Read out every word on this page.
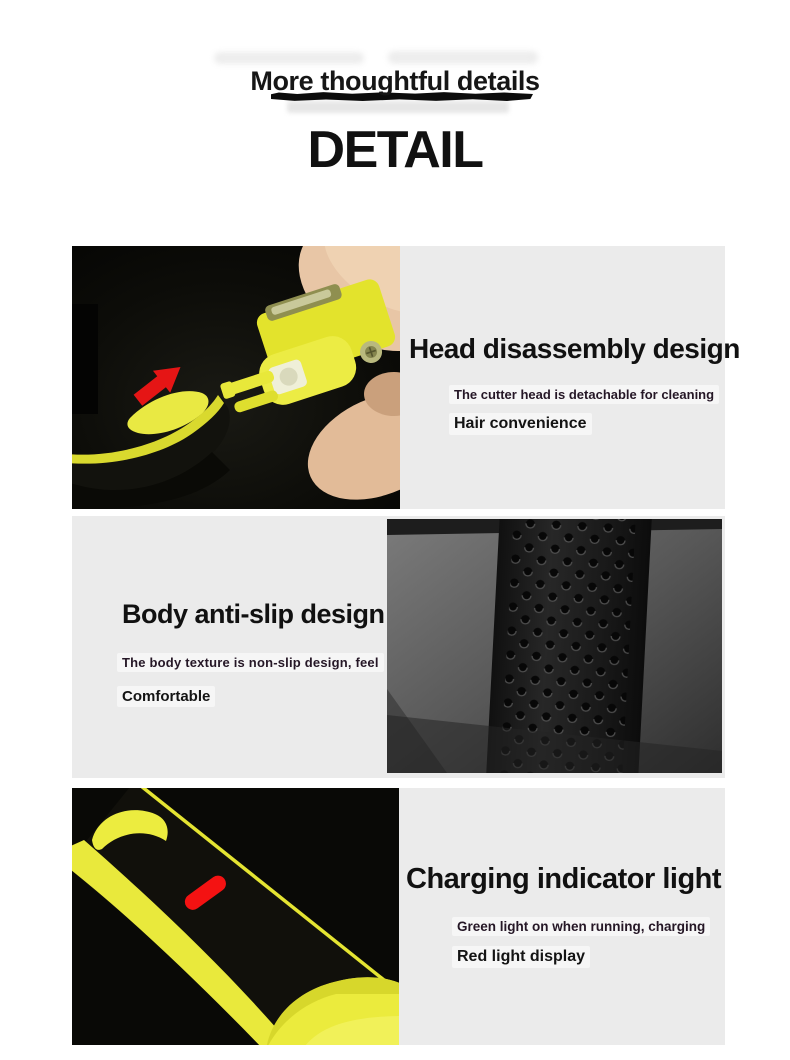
More thoughtful details
DETAIL
Head disassembly design
The cutter head is detachable for cleaning
Hair convenience
Body anti-slip design
The body texture is non-slip design, feel
Comfortable
Charging indicator light
Green light on when running, charging
Red light display
